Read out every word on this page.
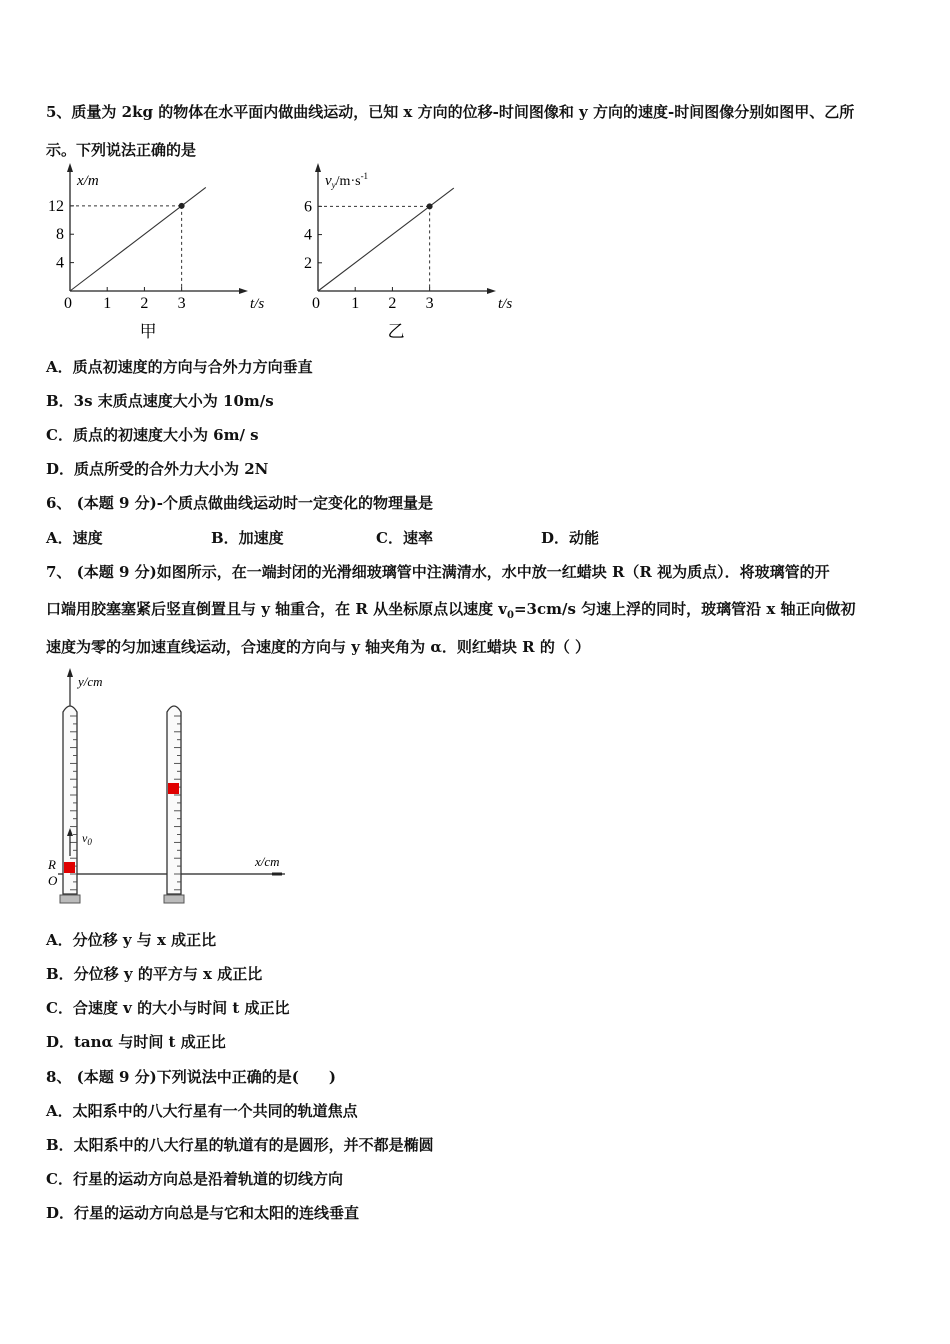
5、质量为 2kg 的物体在水平面内做曲线运动，已知 x 方向的位移-时间图像和 y 方向的速度-时间图像分别如图甲、乙所
示。下列说法正确的是
0 1 2 3
4
8
12
t/s
x/m
甲
0 1 2 3
2
4
6
t/s
$v_y/m\cdot s^{-1}$
乙
A．质点初速度的方向与合外力方向垂直
B．3s 末质点速度大小为 10m/s
C．质点的初速度大小为 6m/ s
D．质点所受的合外力大小为 2N
6、 (本题 9 分)-个质点做曲线运动时一定变化的物理量是
A．速度	B．加速度	C．速率	D．动能
7、 (本题 9 分)如图所示，在一端封闭的光滑细玻璃管中注满清水，水中放一红蜡块 R（R 视为质点）．将玻璃管的开
口端用胶塞塞紧后竖直倒置且与 y 轴重合，在 R 从坐标原点以速度 $v_0=3cm/s$ 匀速上浮的同时，玻璃管沿 x 轴正向做初
速度为零的匀加速直线运动，合速度的方向与 y 轴夹角为 α．则红蜡块 R 的（ ）
y/cm
x/cm
$v_0$
R
O
A．分位移 y 与 x 成正比
B．分位移 y 的平方与 x 成正比
C．合速度 v 的大小与时间 t 成正比
D．tanα 与时间 t 成正比
8、 (本题 9 分)下列说法中正确的是(　　)
A．太阳系中的八大行星有一个共同的轨道焦点
B．太阳系中的八大行星的轨道有的是圆形，并不都是椭圆
C．行星的运动方向总是沿着轨道的切线方向
D．行星的运动方向总是与它和太阳的连线垂直
